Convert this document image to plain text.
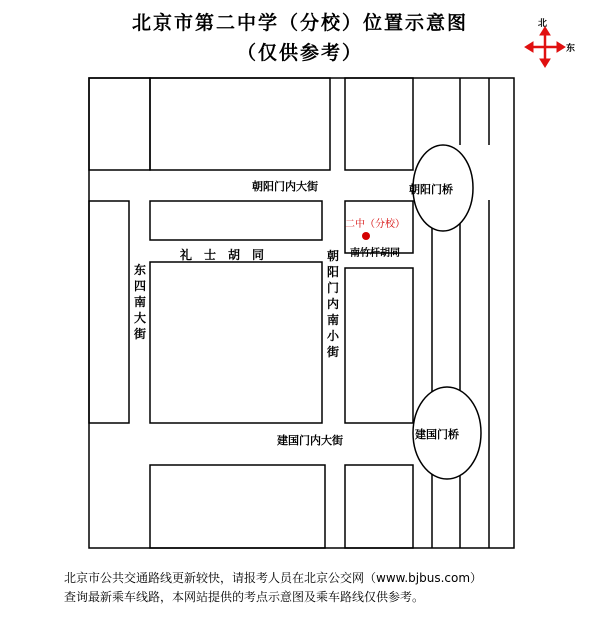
北京市第二中学（分校）位置示意图
（仅供参考）
北
东
朝阳门内大街
礼　士　胡　同
东四南大街
朝阳门内南小街
南竹杆胡同
建国门内大街
朝阳门桥
建国门桥
二中（分校）
北京市公共交通路线更新较快，请报考人员在北京公交网（www.bjbus.com）
查询最新乘车线路，本网站提供的考点示意图及乘车路线仅供参考。
